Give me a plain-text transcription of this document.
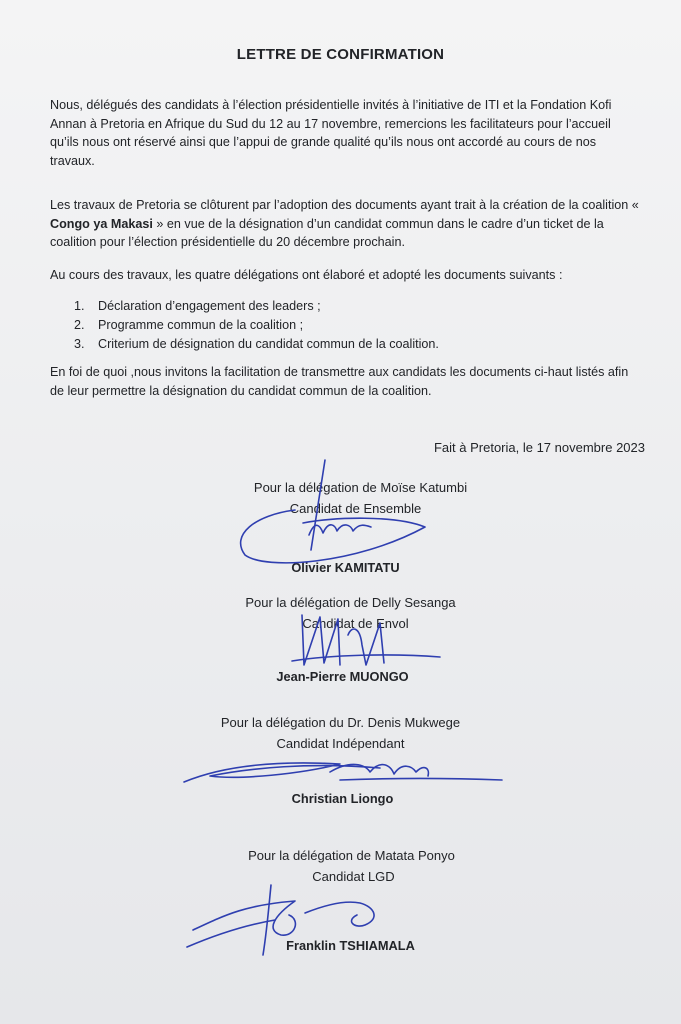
LETTRE DE CONFIRMATION

Nous, délégués des candidats à l’élection présidentielle invités à l’initiative de ITI et la Fondation Kofi Annan à Pretoria en Afrique du Sud du 12 au 17 novembre, remercions les facilitateurs pour l’accueil qu’ils nous ont réservé ainsi que l’appui de grande qualité qu’ils nous ont accordé au cours de nos travaux.

Les travaux de Pretoria se clôturent par l’adoption des documents ayant trait à la création de la coalition « Congo ya Makasi » en vue de la désignation d’un candidat commun dans le cadre d’un ticket de la coalition pour l’élection présidentielle du 20 décembre prochain.

Au cours des travaux, les quatre délégations ont élaboré et adopté les documents suivants :

1. Déclaration d’engagement des leaders ;
2. Programme commun de la coalition ;
3. Criterium de désignation du candidat commun de la coalition.

En foi de quoi ,nous invitons la facilitation de transmettre aux candidats les documents ci-haut listés afin de leur permettre la désignation du candidat commun de la coalition.

Fait à Pretoria, le 17 novembre 2023
Pour la délégation de Moïse Katumbi
Candidat de Ensemble
Olivier KAMITATU
Pour la délégation de Delly Sesanga
Candidat de Envol
Jean-Pierre MUONGO
Pour la délégation du Dr. Denis Mukwege
Candidat Indépendant
Christian Liongo
Pour la délégation de Matata Ponyo
Candidat LGD
Franklin TSHIAMALA
